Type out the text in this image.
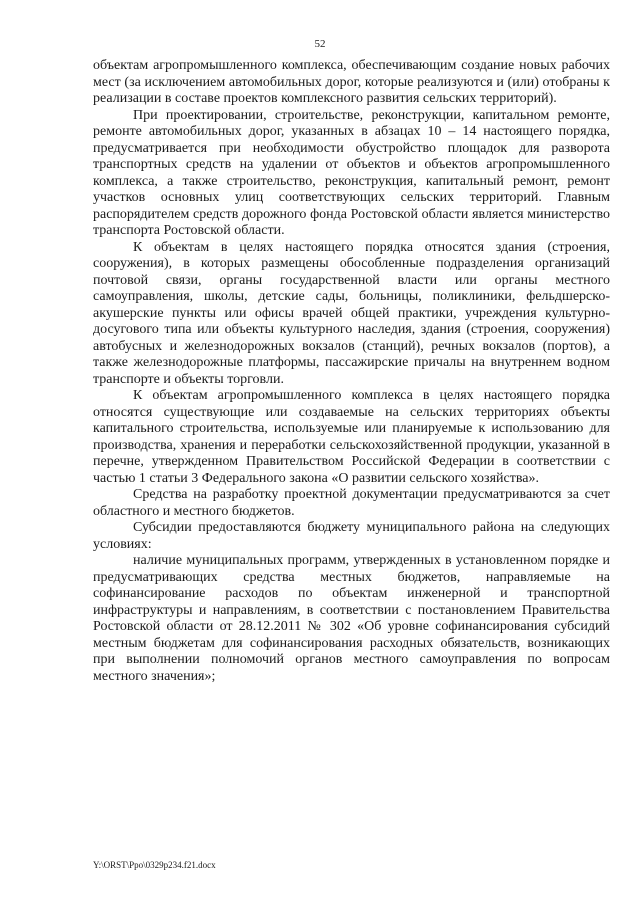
52

объектам агропромышленного комплекса, обеспечивающим создание новых рабочих мест (за исключением автомобильных дорог, которые реализуются и (или) отобраны к реализации в составе проектов комплексного развития сельских территорий).

При проектировании, строительстве, реконструкции, капитальном ремонте, ремонте автомобильных дорог, указанных в абзацах 10 – 14 настоящего порядка, предусматривается при необходимости обустройство площадок для разворота транспортных средств на удалении от объектов и объектов агропромышленного комплекса, а также строительство, реконструкция, капитальный ремонт, ремонт участков основных улиц соответствующих сельских территорий. Главным распорядителем средств дорожного фонда Ростовской области является министерство транспорта Ростовской области.

К объектам в целях настоящего порядка относятся здания (строения, сооружения), в которых размещены обособленные подразделения организаций почтовой связи, органы государственной власти или органы местного самоуправления, школы, детские сады, больницы, поликлиники, фельдшерско-акушерские пункты или офисы врачей общей практики, учреждения культурно-досугового типа или объекты культурного наследия, здания (строения, сооружения) автобусных и железнодорожных вокзалов (станций), речных вокзалов (портов), а также железнодорожные платформы, пассажирские причалы на внутреннем водном транспорте и объекты торговли.

К объектам агропромышленного комплекса в целях настоящего порядка относятся существующие или создаваемые на сельских территориях объекты капитального строительства, используемые или планируемые к использованию для производства, хранения и переработки сельскохозяйственной продукции, указанной в перечне, утвержденном Правительством Российской Федерации в соответствии с частью 1 статьи 3 Федерального закона «О развитии сельского хозяйства».

Средства на разработку проектной документации предусматриваются за счет областного и местного бюджетов.

Субсидии предоставляются бюджету муниципального района на следующих условиях:

наличие муниципальных программ, утвержденных в установленном порядке и предусматривающих средства местных бюджетов, направляемые на софинансирование расходов по объектам инженерной и транспортной инфраструктуры и направлениям, в соответствии с постановлением Правительства Ростовской области от 28.12.2011 № 302 «Об уровне софинансирования субсидий местным бюджетам для софинансирования расходных обязательств, возникающих при выполнении полномочий органов местного самоуправления по вопросам местного значения»;

Y:\ORST\Ppo\0329p234.f21.docx
